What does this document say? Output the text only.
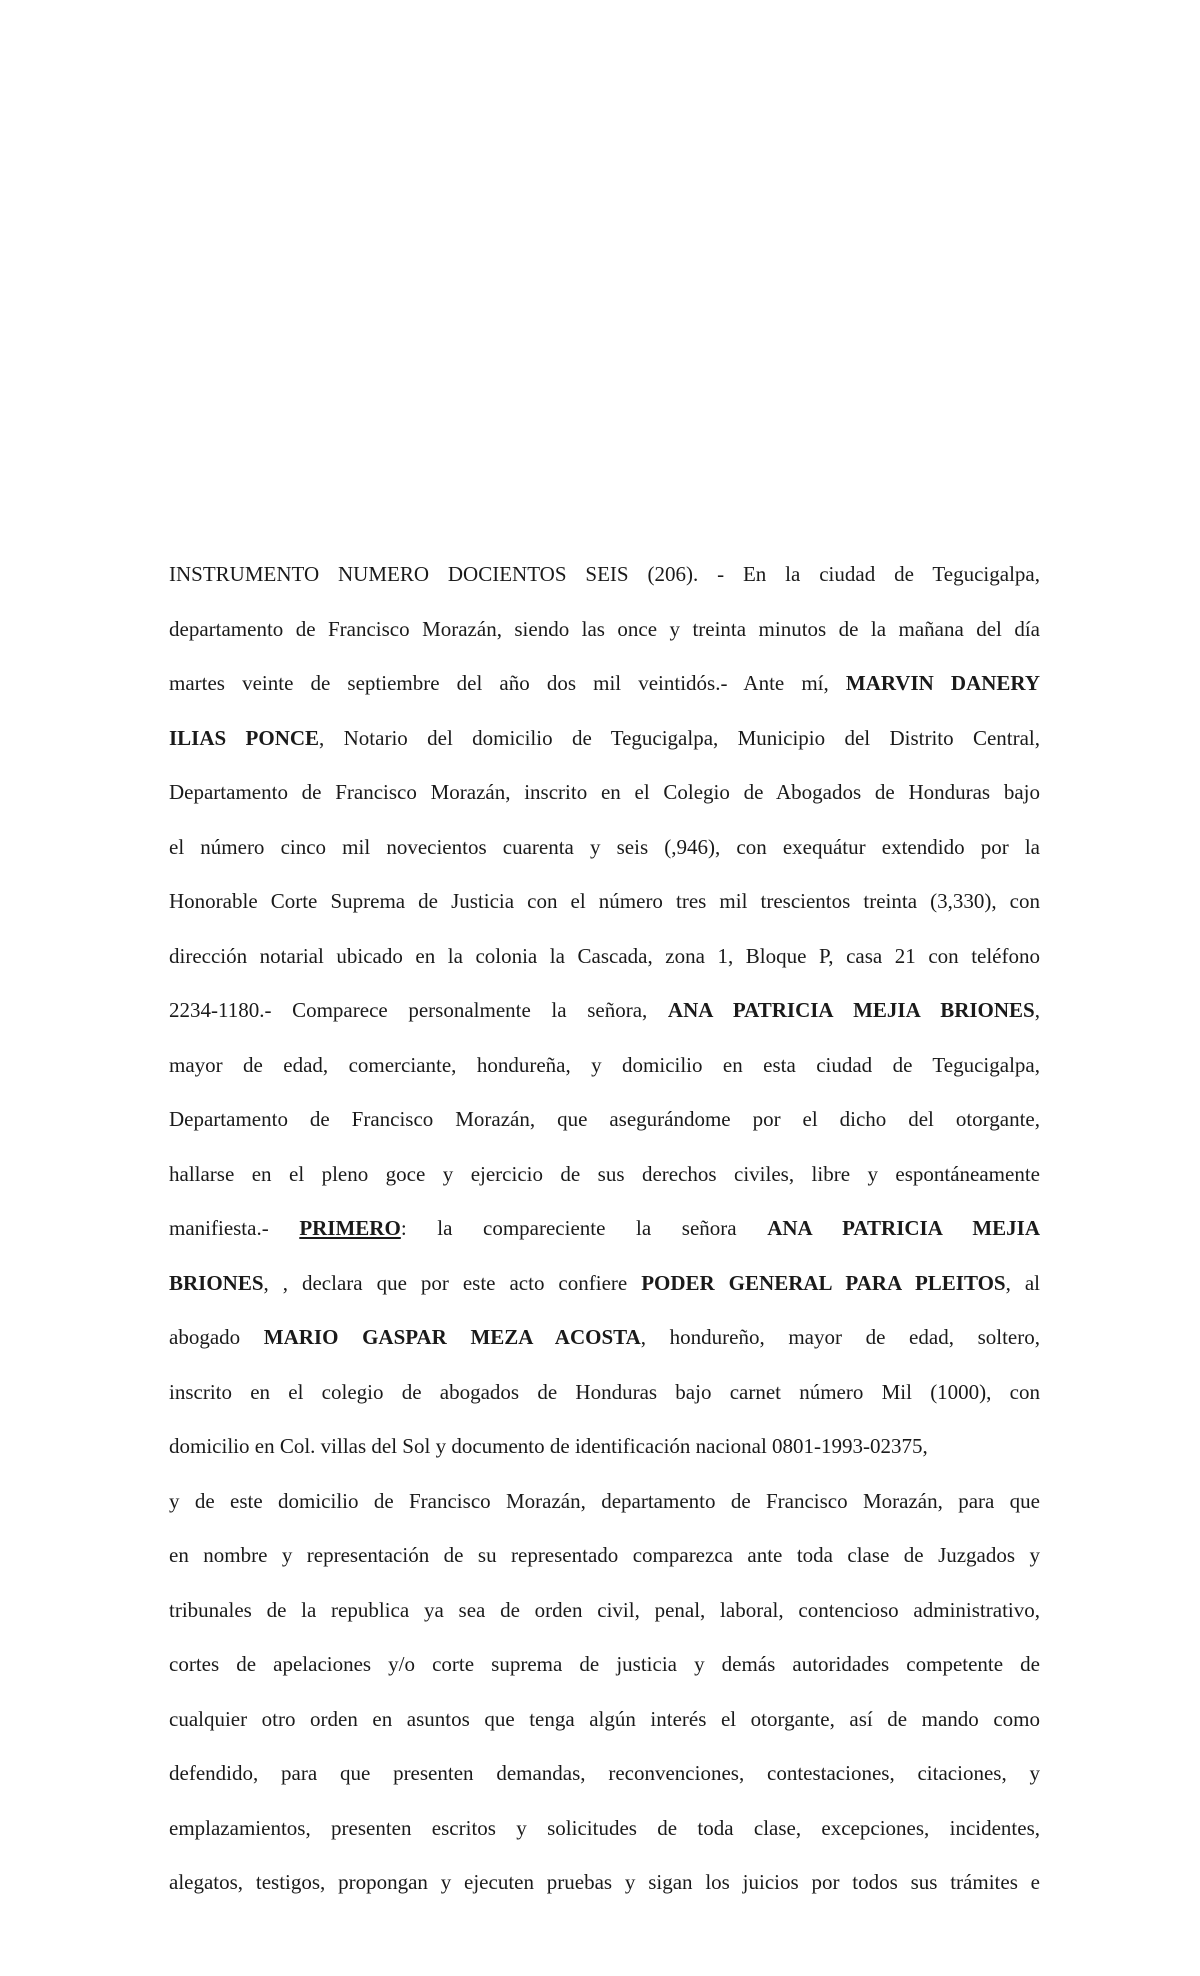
INSTRUMENTO NUMERO DOCIENTOS SEIS (206). - En la ciudad de Tegucigalpa,
departamento de Francisco Morazán, siendo las once y treinta minutos de la mañana del día
martes veinte de septiembre del año dos mil veintidós.- Ante mí, MARVIN DANERY
ILIAS PONCE, Notario del domicilio de Tegucigalpa, Municipio del Distrito Central,
Departamento de Francisco Morazán, inscrito en el Colegio de Abogados de Honduras bajo
el número cinco mil novecientos cuarenta y seis (,946), con exequátur extendido por la
Honorable Corte Suprema de Justicia con el número tres mil trescientos treinta (3,330), con
dirección notarial ubicado en la colonia la Cascada, zona 1, Bloque P, casa 21 con teléfono
2234-1180.- Comparece personalmente la señora, ANA PATRICIA MEJIA BRIONES,
mayor de edad, comerciante, hondureña, y domicilio en esta ciudad de Tegucigalpa,
Departamento de Francisco Morazán, que asegurándome por el dicho del otorgante,
hallarse en el pleno goce y ejercicio de sus derechos civiles, libre y espontáneamente
manifiesta.- PRIMERO: la compareciente la señora ANA PATRICIA MEJIA
BRIONES, , declara que por este acto confiere PODER GENERAL PARA PLEITOS, al
abogado MARIO GASPAR MEZA ACOSTA, hondureño, mayor de edad, soltero,
inscrito en el colegio de abogados de Honduras bajo carnet número Mil (1000), con
domicilio en Col. villas del Sol y documento de identificación nacional 0801-1993-02375,
y de este domicilio de Francisco Morazán, departamento de Francisco Morazán, para que
en nombre y representación de su representado comparezca ante toda clase de Juzgados y
tribunales de la republica ya sea de orden civil, penal, laboral, contencioso administrativo,
cortes de apelaciones y/o corte suprema de justicia y demás autoridades competente de
cualquier otro orden en asuntos que tenga algún interés el otorgante, así de mando como
defendido, para que presenten demandas, reconvenciones, contestaciones, citaciones, y
emplazamientos, presenten escritos y solicitudes de toda clase, excepciones, incidentes,
alegatos, testigos, propongan y ejecuten pruebas y sigan los juicios por todos sus trámites e
